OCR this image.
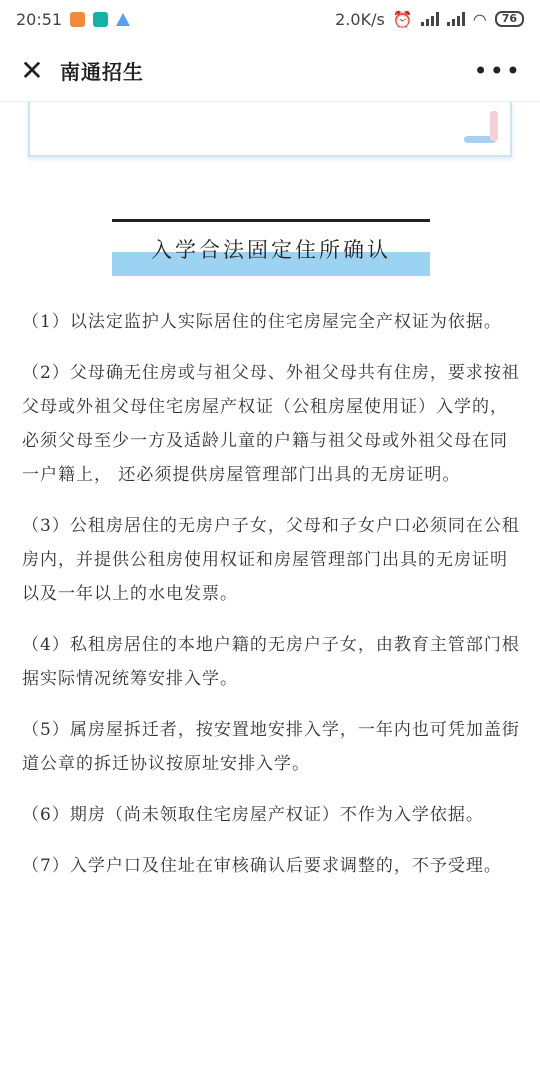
20:51	2.0K/s ⏰	◠	76
✕ 南通招生	•••
入学合法固定住所确认

（1）以法定监护人实际居住的住宅房屋完全产权证为依据。

（2）父母确无住房或与祖父母、外祖父母共有住房，要求按祖父母或外祖父母住宅房屋产权证（公租房屋使用证）入学的，必须父母至少一方及适龄儿童的户籍与祖父母或外祖父母在同一户籍上， 还必须提供房屋管理部门出具的无房证明。

（3）公租房居住的无房户子女，父母和子女户口必须同在公租房内，并提供公租房使用权证和房屋管理部门出具的无房证明以及一年以上的水电发票。

（4）私租房居住的本地户籍的无房户子女，由教育主管部门根据实际情况统筹安排入学。

（5）属房屋拆迁者，按安置地安排入学，一年内也可凭加盖街道公章的拆迁协议按原址安排入学。

（6）期房（尚未领取住宅房屋产权证）不作为入学依据。

（7）入学户口及住址在审核确认后要求调整的，不予受理。
